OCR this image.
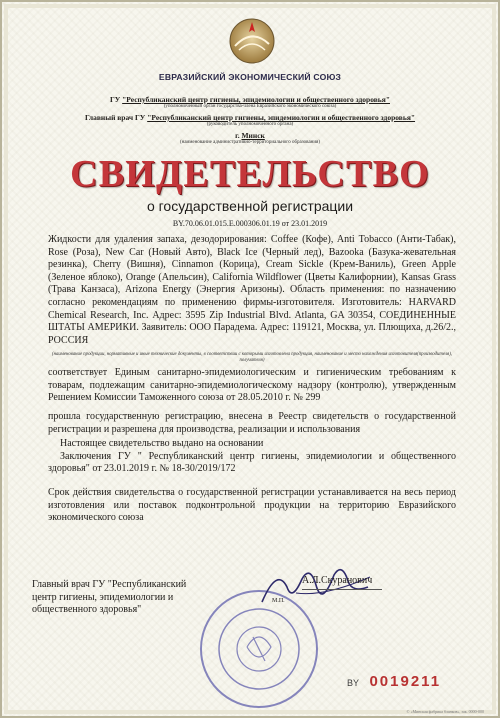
ЕВРАЗИЙСКИЙ ЭКОНОМИЧЕСКИЙ СОЮЗ
ГУ "Республиканский центр гигиены, эпидемиологии и общественного здоровья"
(уполномоченный орган государства-члена Евразийского экономического союза)
Главный врач ГУ "Республиканский центр гигиены, эпидемиологии и общественного здоровья"
(руководитель уполномоченного органа)
г. Минск
(наименование административно-территориального образования)
СВИДЕТЕЛЬСТВО
о государственной регистрации
BY.70.06.01.015.Е.000306.01.19 от 23.01.2019
Жидкости для удаления запаха, дезодорирования: Coffee (Кофе), Anti Tobacco (Анти-Табак), Rose (Роза), New Car (Новый Авто), Black Ice (Черный лед), Bazooka (Базука-жевательная резинка), Cherry (Вишня), Cinnamon (Корица), Cream Sickle (Крем-Ваниль), Green Apple (Зеленое яблоко), Orange (Апельсин), California Wildflower (Цветы Калифорнии), Kansas Grass (Трава Канзаса), Arizona Energy (Энергия Аризоны). Область применения: по назначению согласно рекомендациям по применению фирмы-изготовителя. Изготовитель: HARVARD Chemical Research, Inc. Адрес: 3595 Zip Industrial Blvd. Atlanta, GA 30354, СОЕДИНЕННЫЕ ШТАТЫ АМЕРИКИ. Заявитель: ООО Парадема. Адрес: 119121, Москва, ул. Плющиха, д.26/2., РОССИЯ
(наименование продукции, нормативные и иные технические документы, в соответствии с которыми изготовлена продукция, наименование и место нахождения изготовителя(производителя), получателя)
соответствует Единым санитарно-эпидемиологическим и гигиеническим требованиям к товарам, подлежащим санитарно-эпидемиологическому надзору (контролю), утвержденным Решением Комиссии Таможенного союза от 28.05.2010 г. № 299
прошла государственную регистрацию, внесена в Реестр свидетельств о государственной регистрации и разрешена для производства, реализации и использования
Настоящее свидетельство выдано на основании
Заключения ГУ " Республиканский центр гигиены, эпидемиологии и общественного здоровья" от 23.01.2019 г. № 18-30/2019/172
Срок действия свидетельства о государственной регистрации устанавливается на весь период изготовления или поставок подконтрольной продукции на территорию Евразийского экономического союза
Главный врач ГУ "Республиканский центр гигиены, эпидемиологии и общественного здоровья"
М.П.
А.Л.Скуранович
BY 0019211
© «Минская фабрика бланков», зак. 0000-000
